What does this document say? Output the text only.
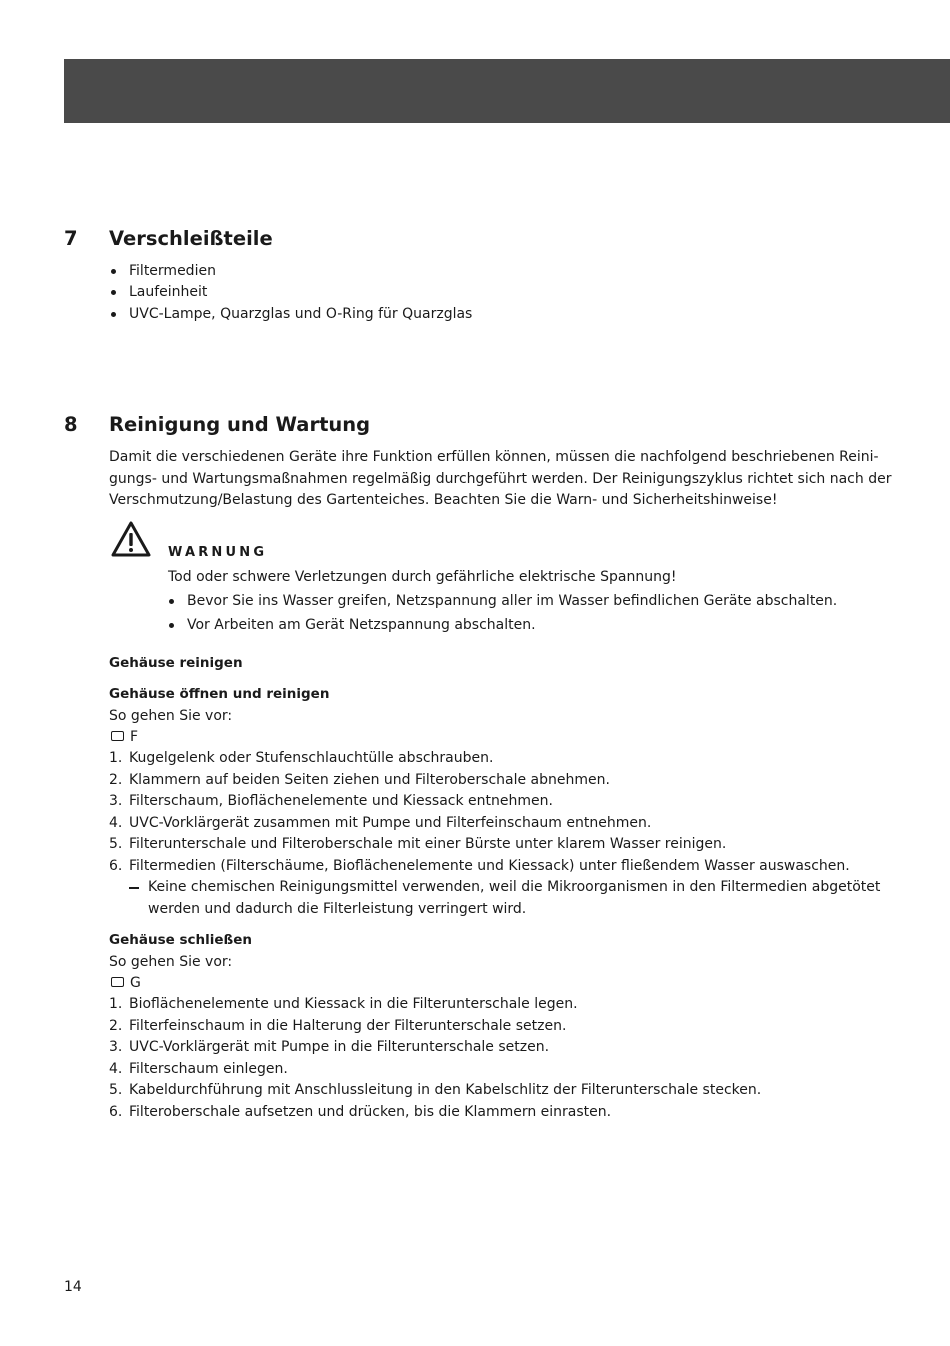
7 Verschleißteile
Filtermedien
Laufeinheit
UVC-Lampe, Quarzglas und O-Ring für Quarzglas
8 Reinigung und Wartung
Damit die verschiedenen Geräte ihre Funktion erfüllen können, müssen die nachfolgend beschriebenen Reini-
gungs- und Wartungsmaßnahmen regelmäßig durchgeführt werden. Der Reinigungszyklus richtet sich nach der
Verschmutzung/Belastung des Gartenteiches. Beachten Sie die Warn- und Sicherheitshinweise!
WARNUNG
Tod oder schwere Verletzungen durch gefährliche elektrische Spannung!
Bevor Sie ins Wasser greifen, Netzspannung aller im Wasser befindlichen Geräte abschalten.
Vor Arbeiten am Gerät Netzspannung abschalten.
Gehäuse reinigen
Gehäuse öffnen und reinigen
So gehen Sie vor:
F
1. Kugelgelenk oder Stufenschlauchtülle abschrauben.
2. Klammern auf beiden Seiten ziehen und Filteroberschale abnehmen.
3. Filterschaum, Bioflächenelemente und Kiessack entnehmen.
4. UVC-Vorklärgerät zusammen mit Pumpe und Filterfeinschaum entnehmen.
5. Filterunterschale und Filteroberschale mit einer Bürste unter klarem Wasser reinigen.
6. Filtermedien (Filterschäume, Bioflächenelemente und Kiessack) unter fließendem Wasser auswaschen.
Keine chemischen Reinigungsmittel verwenden, weil die Mikroorganismen in den Filtermedien abgetötet
werden und dadurch die Filterleistung verringert wird.
Gehäuse schließen
So gehen Sie vor:
G
1. Bioflächenelemente und Kiessack in die Filterunterschale legen.
2. Filterfeinschaum in die Halterung der Filterunterschale setzen.
3. UVC-Vorklärgerät mit Pumpe in die Filterunterschale setzen.
4. Filterschaum einlegen.
5. Kabeldurchführung mit Anschlussleitung in den Kabelschlitz der Filterunterschale stecken.
6. Filteroberschale aufsetzen und drücken, bis die Klammern einrasten.
14
